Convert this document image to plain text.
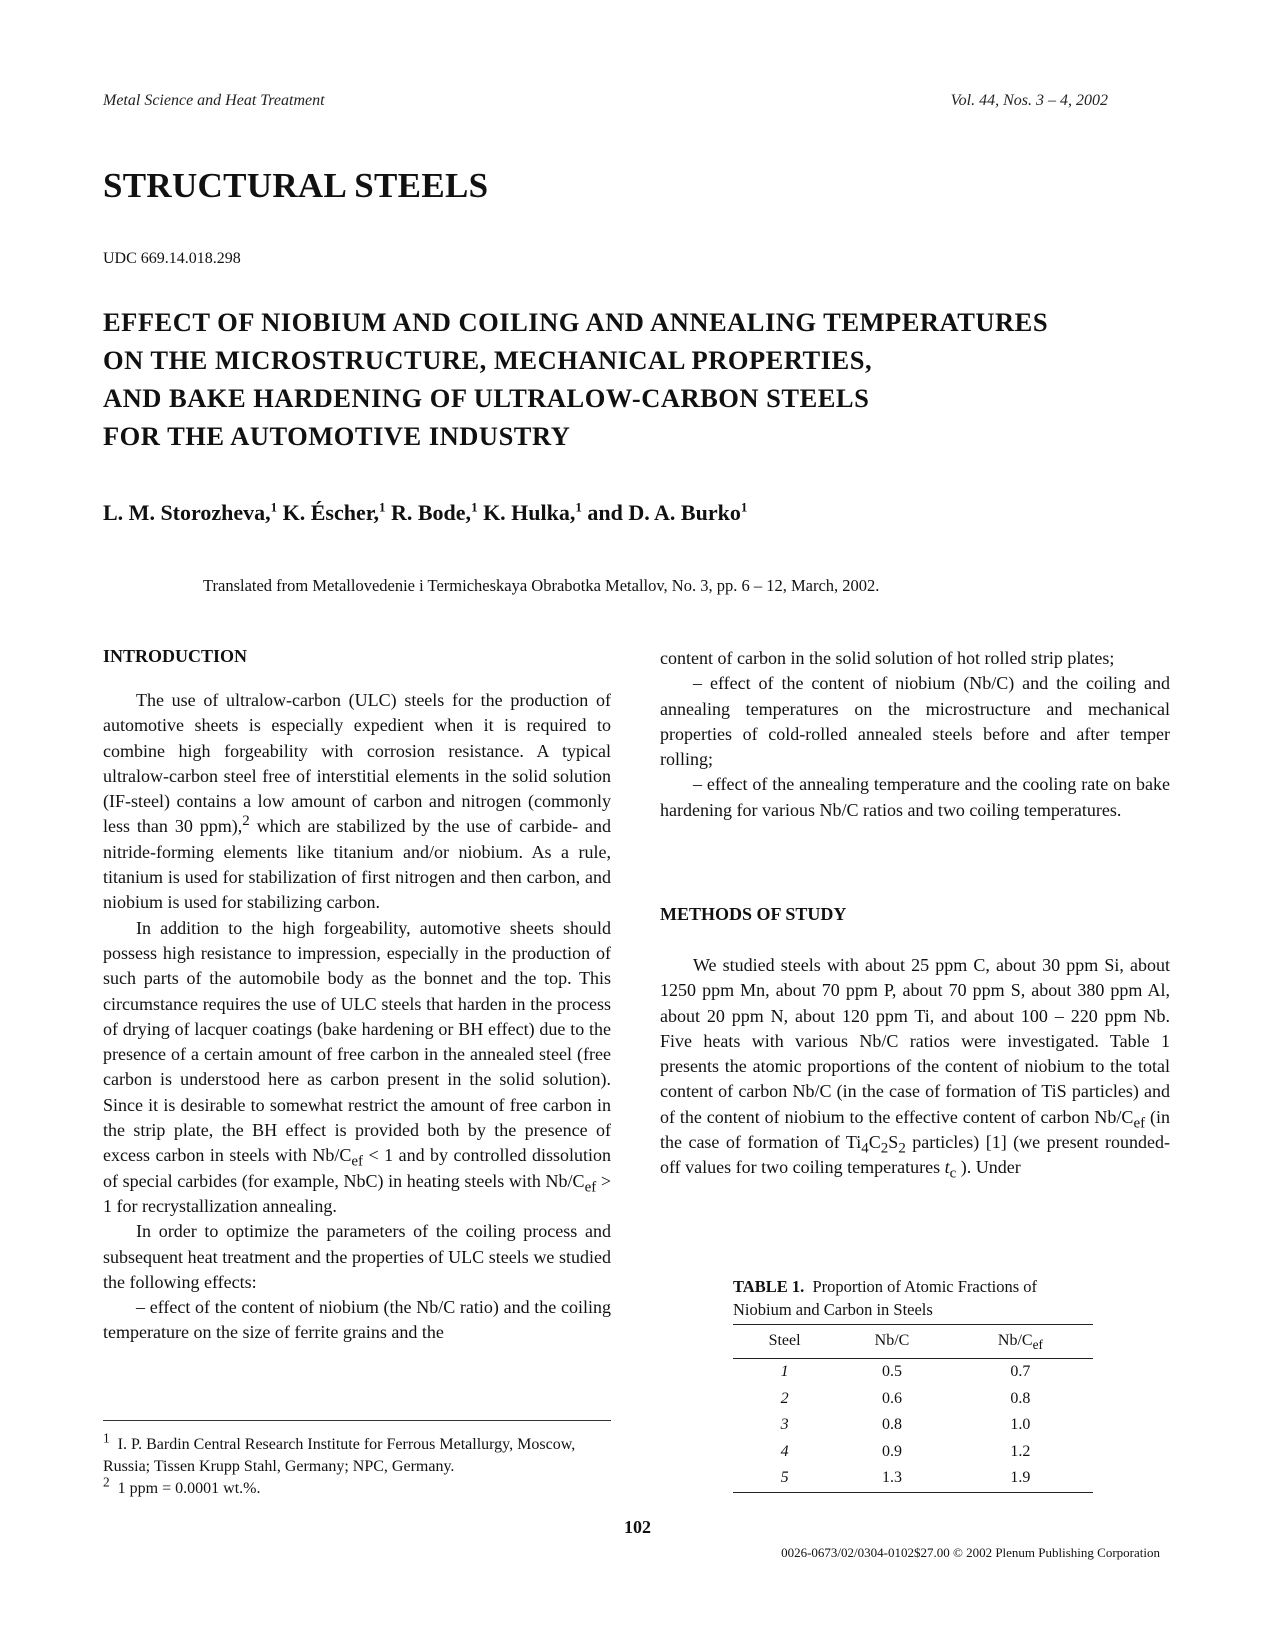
Metal Science and Heat Treatment	Vol. 44, Nos. 3 – 4, 2002
STRUCTURAL STEELS
UDC 669.14.018.298
EFFECT OF NIOBIUM AND COILING AND ANNEALING TEMPERATURES
ON THE MICROSTRUCTURE, MECHANICAL PROPERTIES,
AND BAKE HARDENING OF ULTRALOW-CARBON STEELS
FOR THE AUTOMOTIVE INDUSTRY
L. M. Storozheva,$^1$ K. Éscher,$^1$ R. Bode,$^1$ K. Hulka,$^1$ and D. A. Burko$^1$
Translated from Metallovedenie i Termicheskaya Obrabotka Metallov, No. 3, pp. 6 – 12, March, 2002.
INTRODUCTION

The use of ultralow-carbon (ULC) steels for the production of automotive sheets is especially expedient when it is required to combine high forgeability with corrosion resistance. A typical ultralow-carbon steel free of interstitial elements in the solid solution (IF-steel) contains a low amount of carbon and nitrogen (commonly less than 30 ppm),$^2$ which are stabilized by the use of carbide- and nitride-forming elements like titanium and/or niobium. As a rule, titanium is used for stabilization of first nitrogen and then carbon, and niobium is used for stabilizing carbon.

In addition to the high forgeability, automotive sheets should possess high resistance to impression, especially in the production of such parts of the automobile body as the bonnet and the top. This circumstance requires the use of ULC steels that harden in the process of drying of lacquer coatings (bake hardening or BH effect) due to the presence of a certain amount of free carbon in the annealed steel (free carbon is understood here as carbon present in the solid solution). Since it is desirable to somewhat restrict the amount of free carbon in the strip plate, the BH effect is provided both by the presence of excess carbon in steels with $Nb/C_{ef} < 1$ and by controlled dissolution of special carbides (for example, NbC) in heating steels with $Nb/C_{ef} > 1$ for recrystallization annealing.

In order to optimize the parameters of the coiling process and subsequent heat treatment and the properties of ULC steels we studied the following effects:

– effect of the content of niobium (the Nb/C ratio) and the coiling temperature on the size of ferrite grains and the

$^1$ I. P. Bardin Central Research Institute for Ferrous Metallurgy, Moscow, Russia; Tissen Krupp Stahl, Germany; NPC, Germany.

$^2$ 1 ppm = 0.0001 wt.%.

content of carbon in the solid solution of hot rolled strip plates;

– effect of the content of niobium (Nb/C) and the coiling and annealing temperatures on the microstructure and mechanical properties of cold-rolled annealed steels before and after temper rolling;

– effect of the annealing temperature and the cooling rate on bake hardening for various Nb/C ratios and two coiling temperatures.

METHODS OF STUDY

We studied steels with about 25 ppm C, about 30 ppm Si, about 1250 ppm Mn, about 70 ppm P, about 70 ppm S, about 380 ppm Al, about 20 ppm N, about 120 ppm Ti, and about 100 – 220 ppm Nb. Five heats with various Nb/C ratios were investigated. Table 1 presents the atomic proportions of the content of niobium to the total content of carbon Nb/C (in the case of formation of TiS particles) and of the content of niobium to the effective content of carbon $Nb/C_{ef}$ (in the case of formation of $Ti_4C_2S_2$ particles) [1] (we present rounded-off values for two coiling temperatures $t_c$ ). Under

TABLE 1. Proportion of Atomic Fractions of Niobium and Carbon in Steels
Steel	Nb/C	$Nb/C_{ef}$
1	0.5	0.7
2	0.6	0.8
3	0.8	1.0
4	0.9	1.2
5	1.3	1.9
102
0026-0673/02/0304-0102$27.00 © 2002 Plenum Publishing Corporation
